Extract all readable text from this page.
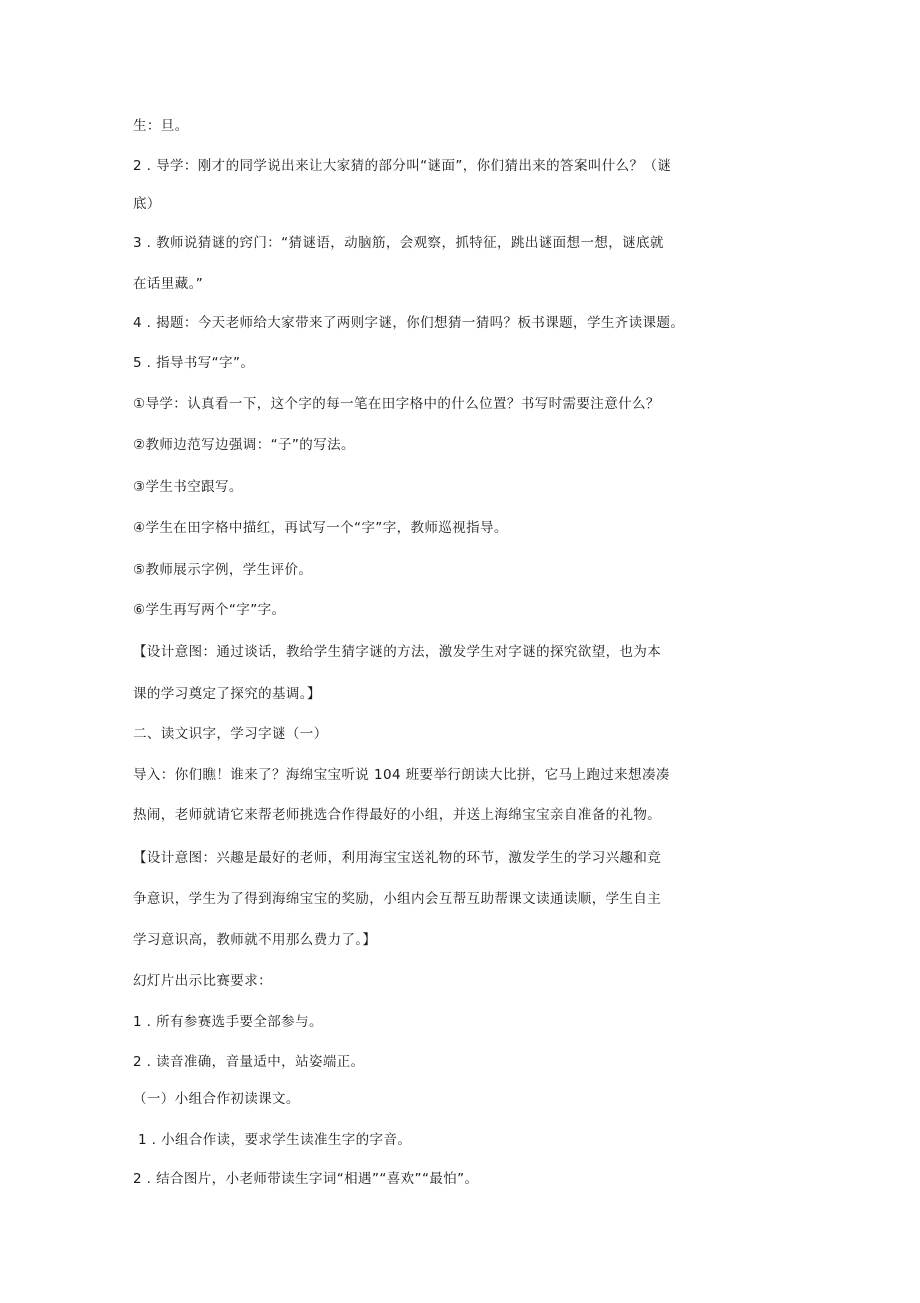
生：旦。
2 . 导学：刚才的同学说出来让大家猜的部分叫“谜面”，你们猜出来的答案叫什么？（谜
底）
3 . 教师说猜谜的窍门：“猜谜语，动脑筋，会观察，抓特征，跳出谜面想一想，谜底就
在话里藏。”
4 . 揭题：今天老师给大家带来了两则字谜，你们想猜一猜吗？板书课题，学生齐读课题。
5 . 指导书写“字”。
①导学：认真看一下，这个字的每一笔在田字格中的什么位置？书写时需要注意什么？
②教师边范写边强调：“子”的写法。
③学生书空跟写。
④学生在田字格中描红，再试写一个“字”字，教师巡视指导。
⑤教师展示字例，学生评价。
⑥学生再写两个“字”字。
【设计意图：通过谈话，教给学生猜字谜的方法，激发学生对字谜的探究欲望，也为本
课的学习奠定了探究的基调。】
二、读文识字，学习字谜（一）
导入：你们瞧！谁来了？海绵宝宝听说 104 班要举行朗读大比拼，它马上跑过来想凑凑
热闹，老师就请它来帮老师挑选合作得最好的小组，并送上海绵宝宝亲自准备的礼物。
【设计意图：兴趣是最好的老师，利用海宝宝送礼物的环节，激发学生的学习兴趣和竞
争意识，学生为了得到海绵宝宝的奖励，小组内会互帮互助帮课文读通读顺，学生自主
学习意识高，教师就不用那么费力了。】
幻灯片出示比赛要求：
1 . 所有参赛选手要全部参与。
2 . 读音准确，音量适中，站姿端正。
（一）小组合作初读课文。
1 . 小组合作读，要求学生读准生字的字音。
2 . 结合图片，小老师带读生字词“相遇”“喜欢”“最怕”。
